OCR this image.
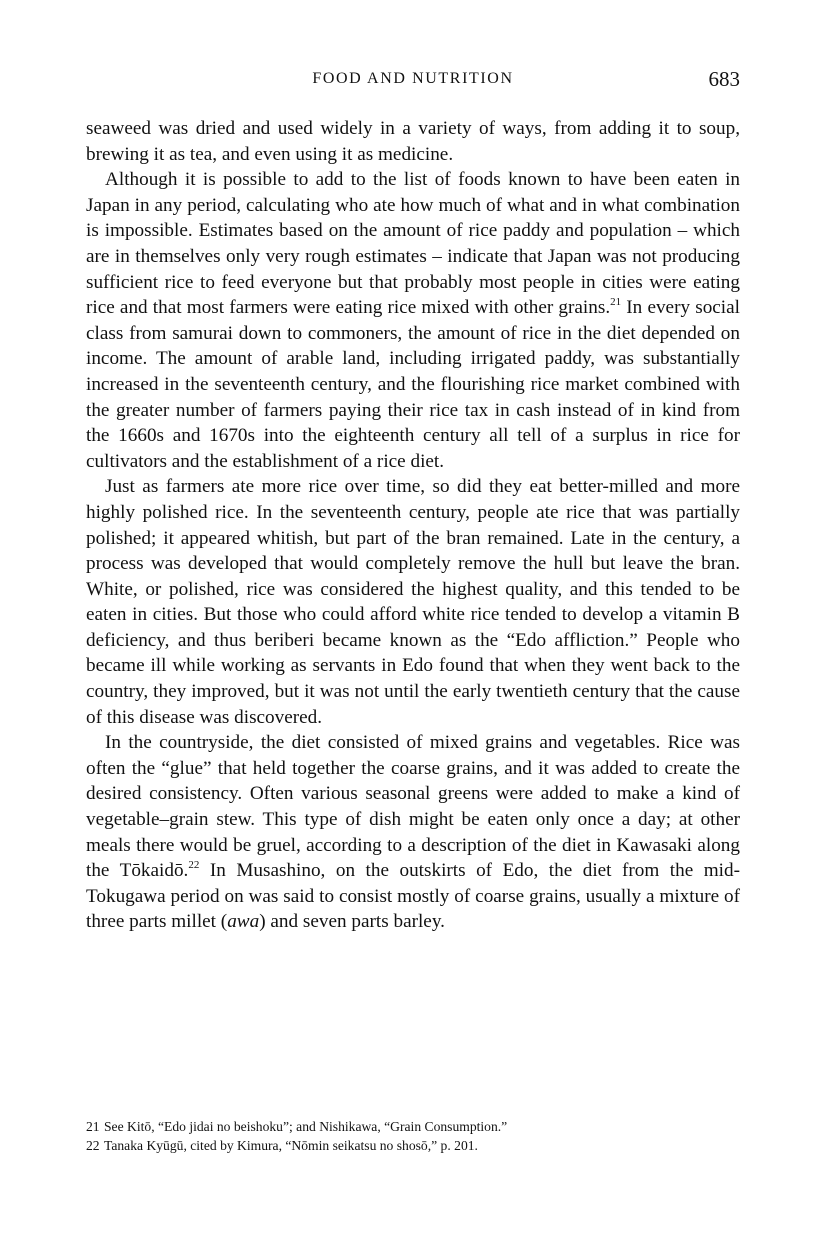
FOOD AND NUTRITION	683

seaweed was dried and used widely in a variety of ways, from adding it to soup, brewing it as tea, and even using it as medicine.

Although it is possible to add to the list of foods known to have been eaten in Japan in any period, calculating who ate how much of what and in what combination is impossible. Estimates based on the amount of rice paddy and population – which are in themselves only very rough estimates – indicate that Japan was not producing sufficient rice to feed everyone but that probably most people in cities were eating rice and that most farmers were eating rice mixed with other grains.$^{21}$ In every social class from samurai down to commoners, the amount of rice in the diet depended on income. The amount of arable land, including irrigated paddy, was substantially increased in the seventeenth century, and the flourishing rice market combined with the greater number of farmers paying their rice tax in cash instead of in kind from the 1660s and 1670s into the eighteenth century all tell of a surplus in rice for cultivators and the establishment of a rice diet.

Just as farmers ate more rice over time, so did they eat better-milled and more highly polished rice. In the seventeenth century, people ate rice that was partially polished; it appeared whitish, but part of the bran remained. Late in the century, a process was developed that would completely remove the hull but leave the bran. White, or polished, rice was considered the highest quality, and this tended to be eaten in cities. But those who could afford white rice tended to develop a vitamin B deficiency, and thus beriberi became known as the “Edo affliction.” People who became ill while working as servants in Edo found that when they went back to the country, they improved, but it was not until the early twentieth century that the cause of this disease was discovered.

In the countryside, the diet consisted of mixed grains and vegetables. Rice was often the “glue” that held together the coarse grains, and it was added to create the desired consistency. Often various seasonal greens were added to make a kind of vegetable–grain stew. This type of dish might be eaten only once a day; at other meals there would be gruel, according to a description of the diet in Kawasaki along the Tōkaidō.$^{22}$ In Musashino, on the outskirts of Edo, the diet from the mid-Tokugawa period on was said to consist mostly of coarse grains, usually a mixture of three parts millet (awa) and seven parts barley.

21 See Kitō, “Edo jidai no beishoku”; and Nishikawa, “Grain Consumption.”

22 Tanaka Kyūgū, cited by Kimura, “Nōmin seikatsu no shosō,” p. 201.
